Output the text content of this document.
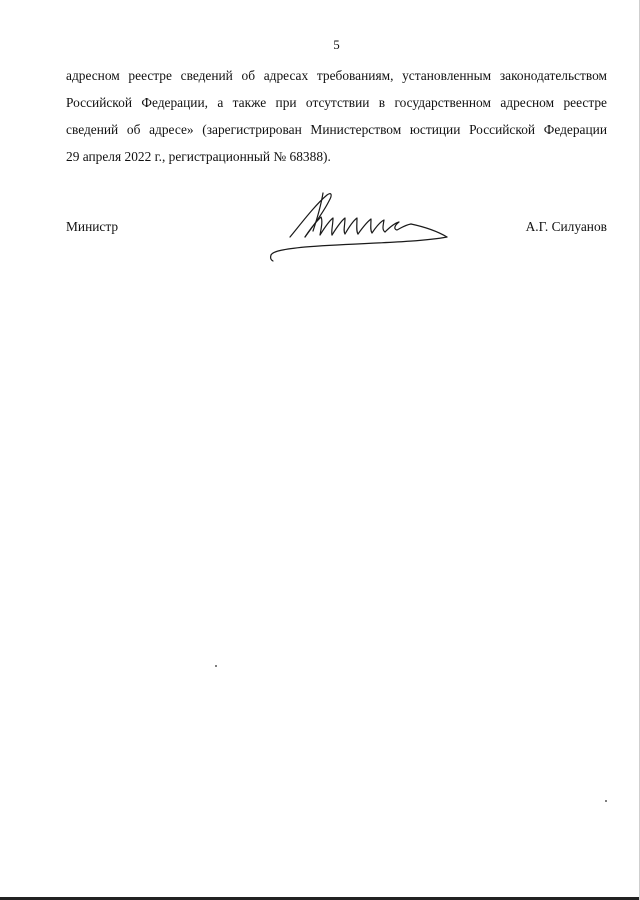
5

адресном реестре сведений об адресах требованиям, установленным законодательством
Российской Федерации, а также при отсутствии в государственном адресном реестре
сведений об адресе» (зарегистрирован Министерством юстиции Российской Федерации
29 апреля 2022 г., регистрационный № 68388).

Министр	А.Г. Силуанов
